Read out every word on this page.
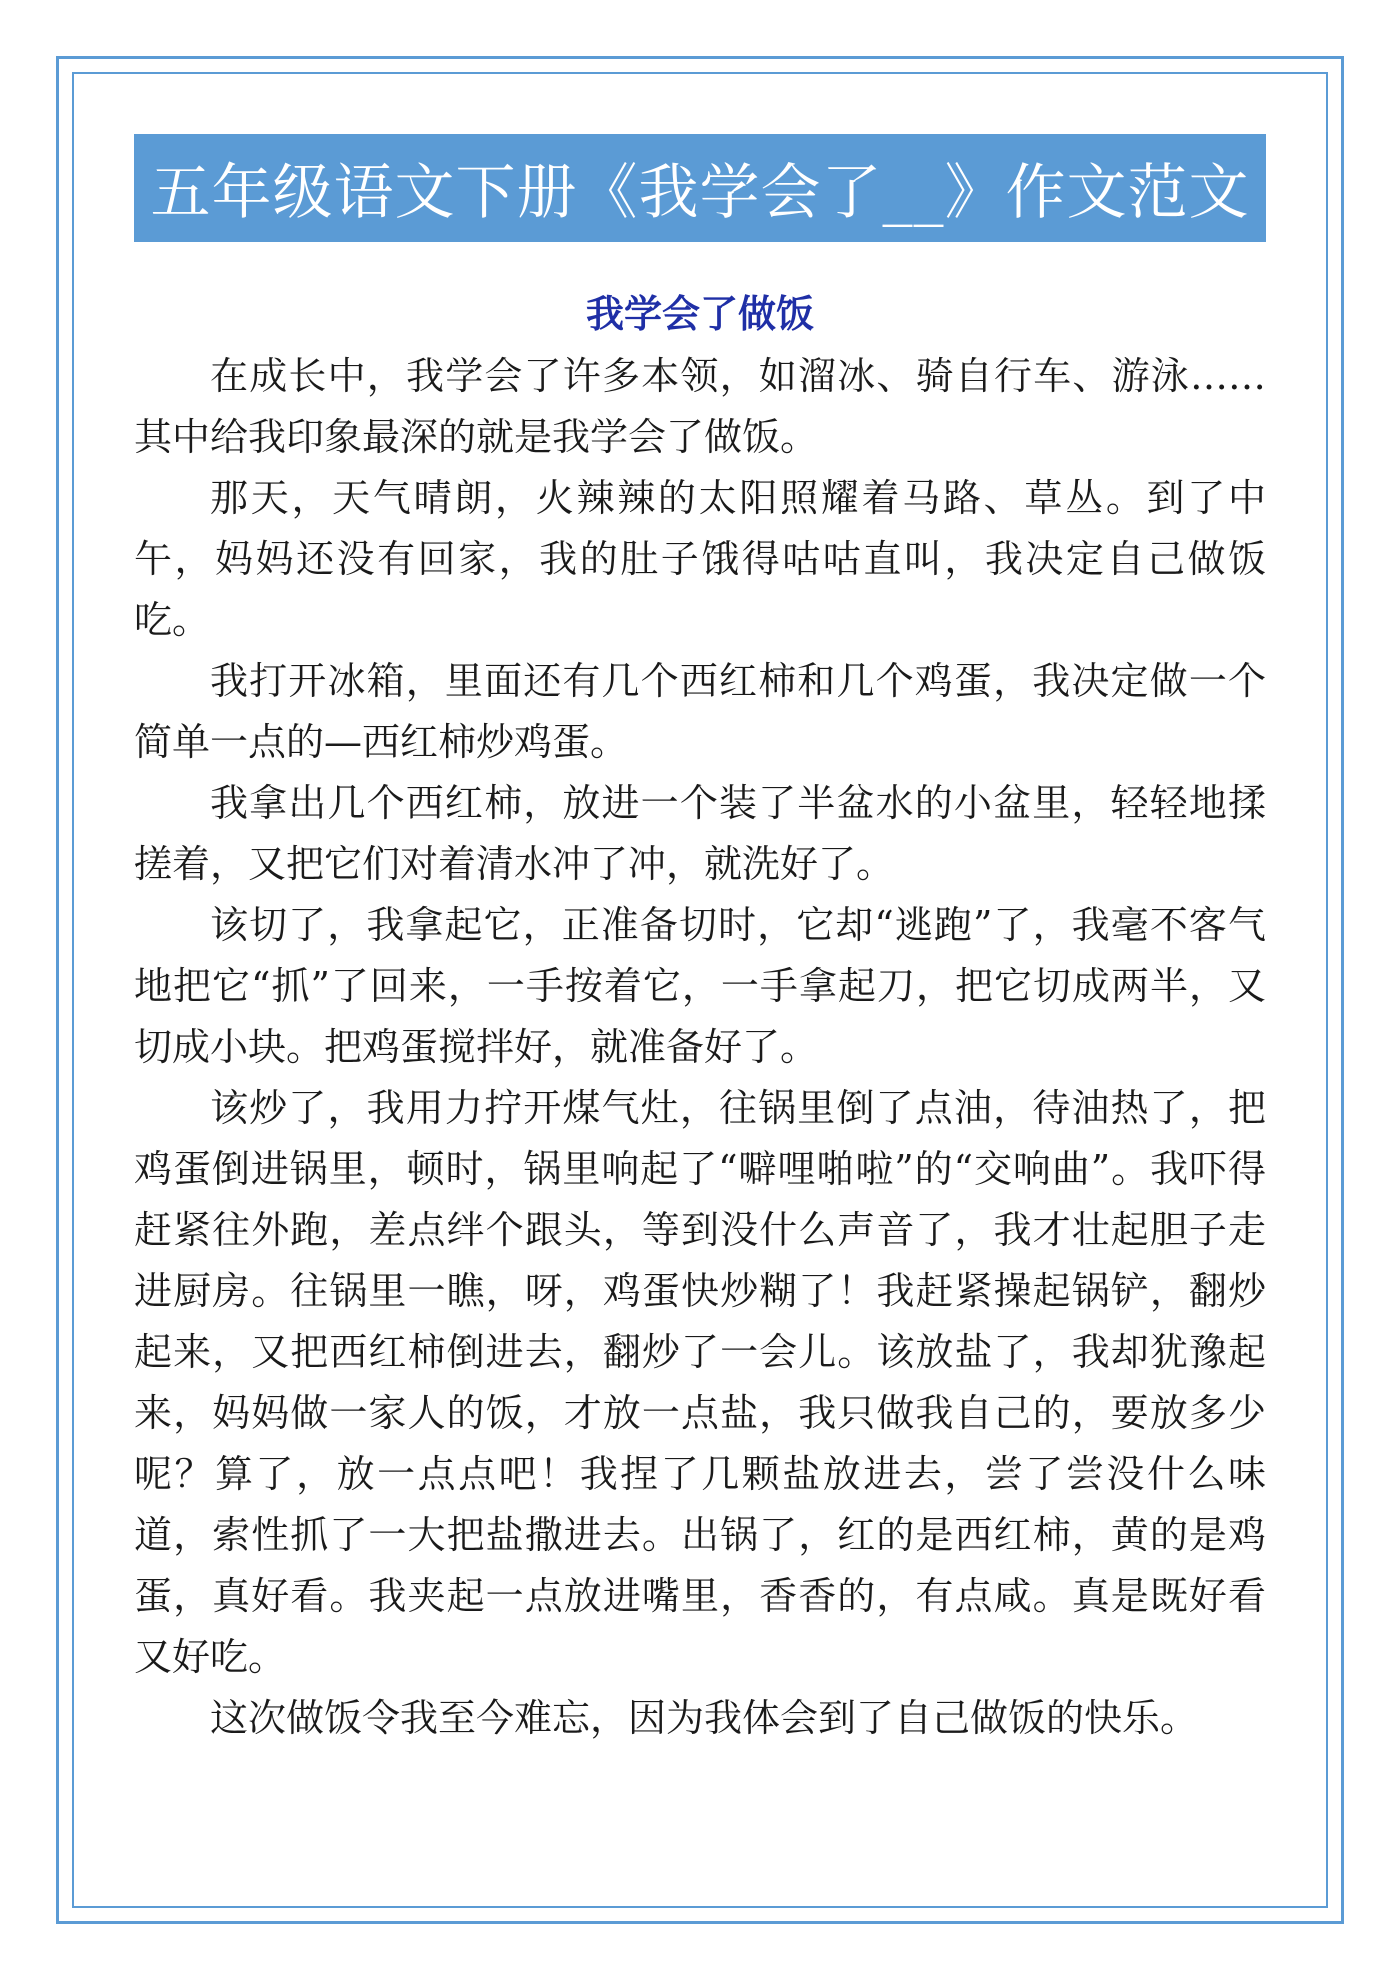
五年级语文下册《我学会了__》作文范文
我学会了做饭

在成长中，我学会了许多本领，如溜冰、骑自行车、游泳……其中给我印象最深的就是我学会了做饭。

那天，天气晴朗，火辣辣的太阳照耀着马路、草丛。到了中午，妈妈还没有回家，我的肚子饿得咕咕直叫，我决定自己做饭吃。

我打开冰箱，里面还有几个西红柿和几个鸡蛋，我决定做一个简单一点的—西红柿炒鸡蛋。

我拿出几个西红柿，放进一个装了半盆水的小盆里，轻轻地揉搓着，又把它们对着清水冲了冲，就洗好了。

该切了，我拿起它，正准备切时，它却“逃跑”了，我毫不客气地把它“抓”了回来，一手按着它，一手拿起刀，把它切成两半，又切成小块。把鸡蛋搅拌好，就准备好了。

该炒了，我用力拧开煤气灶，往锅里倒了点油，待油热了，把鸡蛋倒进锅里，顿时，锅里响起了“噼哩啪啦”的“交响曲”。我吓得赶紧往外跑，差点绊个跟头，等到没什么声音了，我才壮起胆子走进厨房。往锅里一瞧，呀，鸡蛋快炒糊了！我赶紧操起锅铲，翻炒起来，又把西红柿倒进去，翻炒了一会儿。该放盐了，我却犹豫起来，妈妈做一家人的饭，才放一点盐，我只做我自己的，要放多少呢？算了，放一点点吧！我捏了几颗盐放进去，尝了尝没什么味道，索性抓了一大把盐撒进去。出锅了，红的是西红柿，黄的是鸡蛋，真好看。我夹起一点放进嘴里，香香的，有点咸。真是既好看又好吃。

这次做饭令我至今难忘，因为我体会到了自己做饭的快乐。
